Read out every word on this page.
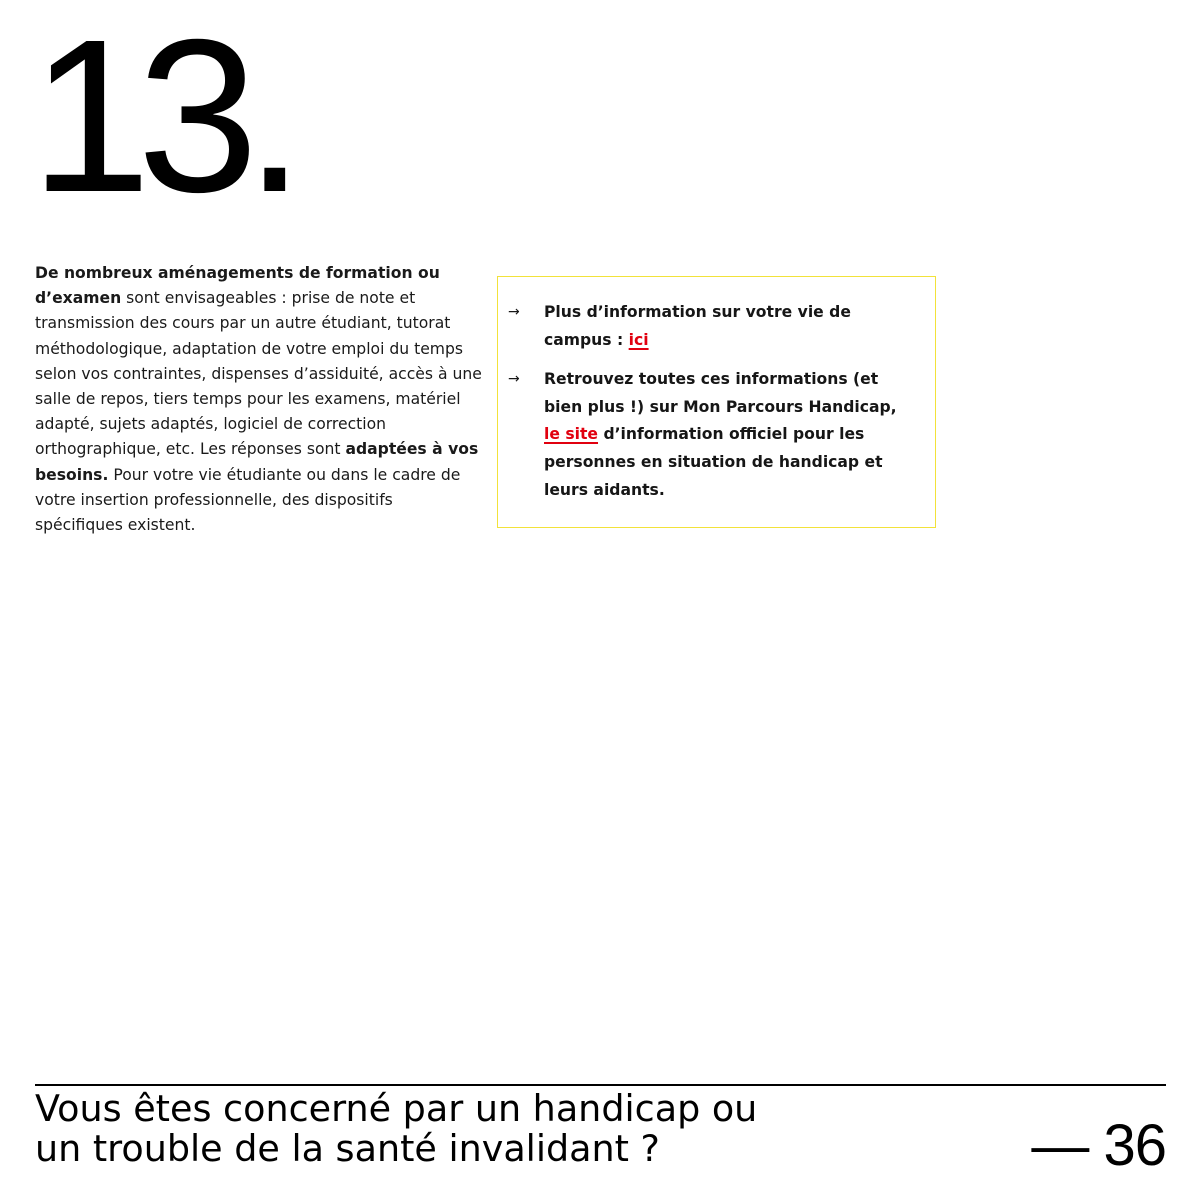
13.
De nombreux aménagements de formation ou d’examen sont envisageables : prise de note et transmission des cours par un autre étudiant, tutorat méthodologique, adaptation de votre emploi du temps selon vos contraintes, dispenses d’assiduité, accès à une salle de repos, tiers temps pour les examens, matériel adapté, sujets adaptés, logiciel de correction orthographique, etc. Les réponses sont adaptées à vos besoins. Pour votre vie étudiante ou dans le cadre de votre insertion professionnelle, des dispositifs spécifiques existent.
→	Plus d’information sur votre vie de campus : ici
→	Retrouvez toutes ces informations (et bien plus !) sur Mon Parcours Handicap, le site d’information officiel pour les personnes en situation de handicap et leurs aidants.
Vous êtes concerné par un handicap ou
un trouble de la santé invalidant ?	— 36
